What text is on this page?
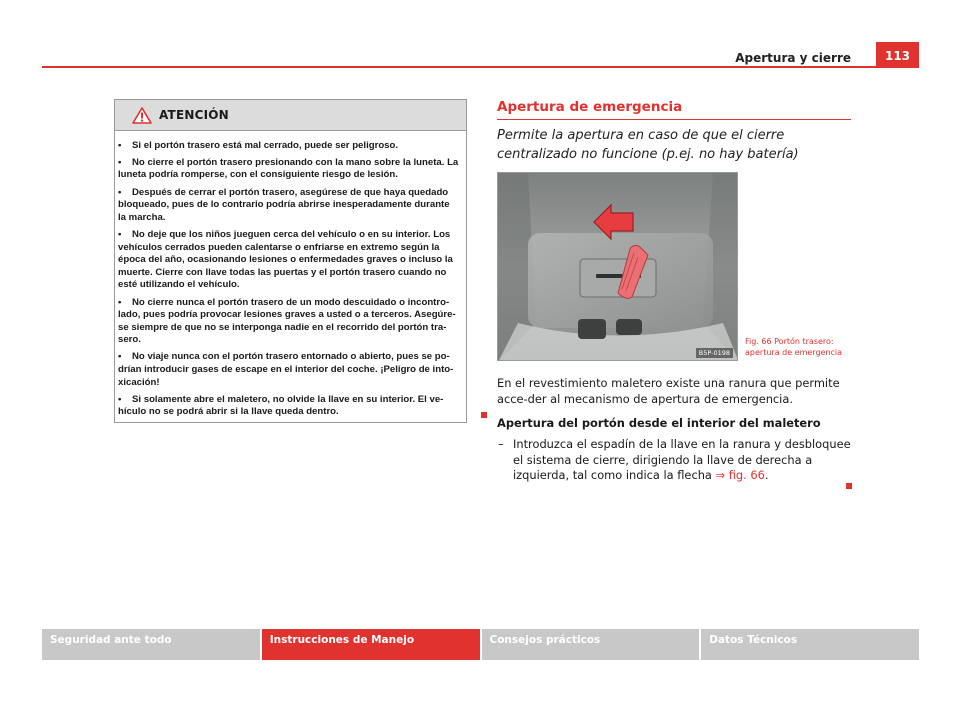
Apertura y cierre	113
ATENCIÓN
• Si el portón trasero está mal cerrado, puede ser peligroso.
• No cierre el portón trasero presionando con la mano sobre la luneta. La luneta podría romperse, con el consiguiente riesgo de lesión.
• Después de cerrar el portón trasero, asegúrese de que haya quedado bloqueado, pues de lo contrario podría abrirse inesperadamente durante la marcha.
• No deje que los niños jueguen cerca del vehículo o en su interior. Los vehículos cerrados pueden calentarse o enfriarse en extremo según la época del año, ocasionando lesiones o enfermedades graves o incluso la muerte. Cierre con llave todas las puertas y el portón trasero cuando no esté utilizando el vehículo.
• No cierre nunca el portón trasero de un modo descuidado o incontro-lado, pues podría provocar lesiones graves a usted o a terceros. Asegúre-se siempre de que no se interponga nadie en el recorrido del portón tra-sero.
• No viaje nunca con el portón trasero entornado o abierto, pues se po-drían introducir gases de escape en el interior del coche. ¡Peligro de into-xicación!
• Si solamente abre el maletero, no olvide la llave en su interior. El ve-hículo no se podrá abrir si la llave queda dentro.
Apertura de emergencia
Permite la apertura en caso de que el cierre centralizado no funcione (p.ej. no hay batería)
B5P-0198
Fig. 66 Portón trasero: apertura de emergencia
En el revestimiento maletero existe una ranura que permite acce-der al mecanismo de apertura de emergencia.
Apertura del portón desde el interior del maletero
– Introduzca el espadín de la llave en la ranura y desbloquee el sistema de cierre, dirigiendo la llave de derecha a izquierda, tal como indica la flecha ⇒ fig. 66.
Seguridad ante todo	Instrucciones de Manejo	Consejos prácticos	Datos Técnicos
